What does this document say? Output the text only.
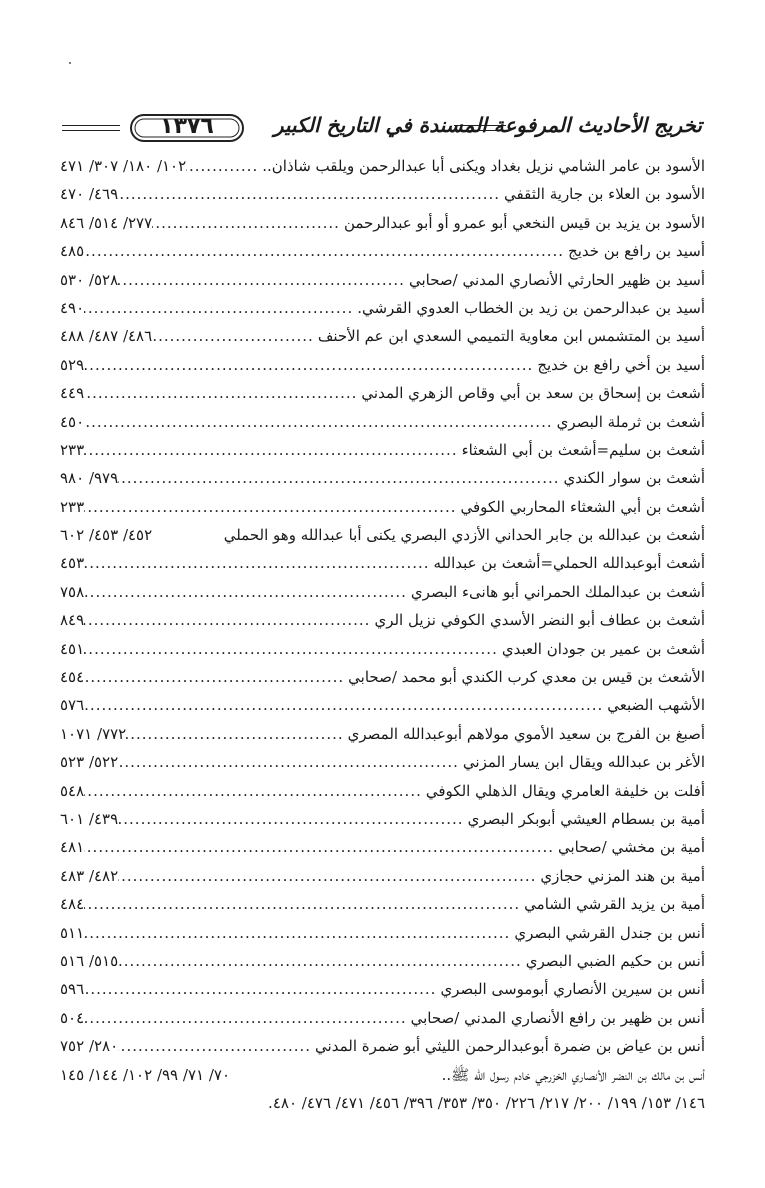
١٣٧٦	تخريج الأحاديث المرفوعة المسندة في التاريخ الكبير
الأسود بن عامر الشامي نزيل بغداد ويكنى أبا عبدالرحمن ويلقب شاذان..
.....
١٠٢/ ١٨٠/ ٣٠٧/ ٤٧١
الأسود بن العلاء بن جارية الثقفي
.....
٤٦٩/ ٤٧٠
الأسود بن يزيد بن قيس النخعي أبو عمرو أو أبو عبدالرحمن
.....
٢٧٧/ ٥١٤/ ٨٤٦
أسيد بن رافع بن خديج
.....
٤٨٥
أسيد بن ظهير الحارثي الأنصاري المدني /صحابي
.....
٥٢٨/ ٥٣٠
أسيد بن عبدالرحمن بن زيد بن الخطاب العدوي القرشي.
.....
٤٩٠
أسيد بن المتشمس ابن معاوية التميمي السعدي ابن عم الأحنف
.....
٤٨٦/ ٤٨٧/ ٤٨٨
أسيد بن أخي رافع بن خديج
.....
٥٢٩
أشعث بن إسحاق بن سعد بن أبي وقاص الزهري المدني
.....
٤٤٩
أشعث بن ثرملة البصري
.....
٤٥٠
أشعث بن سليم=أشعث بن أبي الشعثاء
.....
٢٣٣
أشعث بن سوار الكندي
.....
٩٧٩/ ٩٨٠
أشعث بن أبي الشعثاء المحاربي الكوفي
.....
٢٣٣
أشعث بن عبدالله بن جابر الحداني الأزدي البصري يكنى أبا عبدالله وهو الحملي
٤٥٢/ ٤٥٣/ ٦٠٢
أشعث أبوعبدالله الحملي=أشعث بن عبدالله
.....
٤٥٣
أشعث بن عبدالملك الحمراني أبو هانىء البصري
.....
٧٥٨
أشعث بن عطاف أبو النضر الأسدي الكوفي نزيل الري
.....
٨٤٩
أشعث بن عمير بن جودان العبدي
.....
٤٥١
الأشعث بن قيس بن معدي كرب الكندي أبو محمد /صحابي
.....
٤٥٤
الأشهب الضبعي
.....
٥٧٦
أصبغ بن الفرج بن سعيد الأموي مولاهم أبوعبدالله المصري
.....
٧٧٢/ ١٠٧١
الأغر بن عبدالله ويقال ابن يسار المزني
.....
٥٢٢/ ٥٢٣
أفلت بن خليفة العامري ويقال الذهلي الكوفي
.....
٥٤٨
أمية بن بسطام العيشي أبوبكر البصري
.....
٤٣٩/ ٦٠١
أمية بن مخشي /صحابي
.....
٤٨١
أمية بن هند المزني حجازي
.....
٤٨٢/ ٤٨٣
أمية بن يزيد القرشي الشامي
.....
٤٨٤
أنس بن جندل القرشي البصري
.....
٥١١
أنس بن حكيم الضبي البصري
.....
٥١٥/ ٥١٦
أنس بن سيرين الأنصاري أبوموسى البصري
.....
٥٩٦
أنس بن ظهير بن رافع الأنصاري المدني /صحابي
.....
٥٠٤
أنس بن عياض بن ضمرة أبوعبدالرحمن الليثي أبو ضمرة المدني
.....
٢٨٠/ ٧٥٢
أنس بن مالك بن النضر الأنصاري الخزرجي خادم رسول الله ﷺ..
٧٠/ ٧١/ ٩٩/ ١٠٢/ ١٤٤/ ١٤٥
١٤٦/ ١٥٣/ ١٩٩/ ٢٠٠/ ٢١٧/ ٢٢٦/ ٣٥٠/ ٣٥٣/ ٣٩٦/ ٤٥٦/ ٤٧١/ ٤٧٦/ ٤٨٠.
